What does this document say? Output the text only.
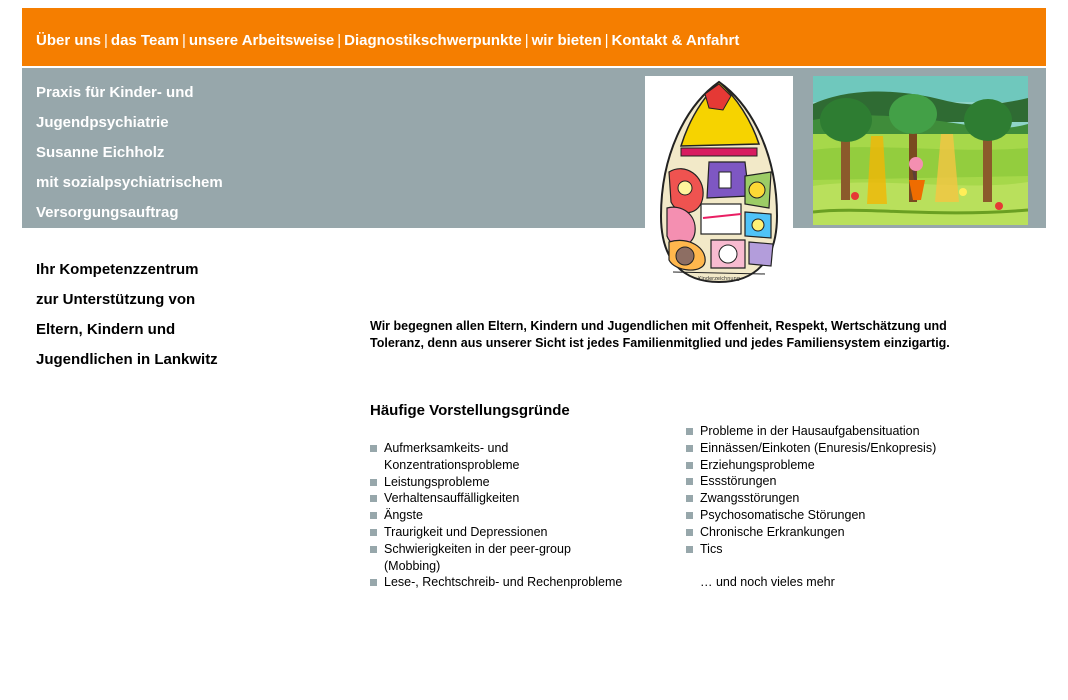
Über uns | das Team | unsere Arbeitsweise | Diagnostikschwerpunkte | wir bieten | Kontakt & Anfahrt
Praxis für Kinder- und
Jugendpsychiatrie
Susanne Eichholz
mit sozialpsychiatrischem
Versorgungsauftrag
Kinderzeichnung
Ihr Kompetenzzentrum
zur Unterstützung von
Eltern, Kindern und
Jugendlichen in Lankwitz
Wir begegnen allen Eltern, Kindern und Jugendlichen mit Offenheit, Respekt, Wertschätzung und Toleranz, denn aus unserer Sicht ist jedes Familienmitglied und jedes Familiensystem einzigartig.
Häufige Vorstellungsgründe
Aufmerksamkeits- und
Konzentrationsprobleme
Leistungsprobleme
Verhaltensauffälligkeiten
Ängste
Traurigkeit und Depressionen
Schwierigkeiten in der peer-group
(Mobbing)
Lese-, Rechtschreib- und Rechenprobleme
Probleme in der Hausaufgabensituation
Einnässen/Einkoten (Enuresis/Enkopresis)
Erziehungsprobleme
Essstörungen
Zwangsstörungen
Psychosomatische Störungen
Chronische Erkrankungen
Tics
… und noch vieles mehr
